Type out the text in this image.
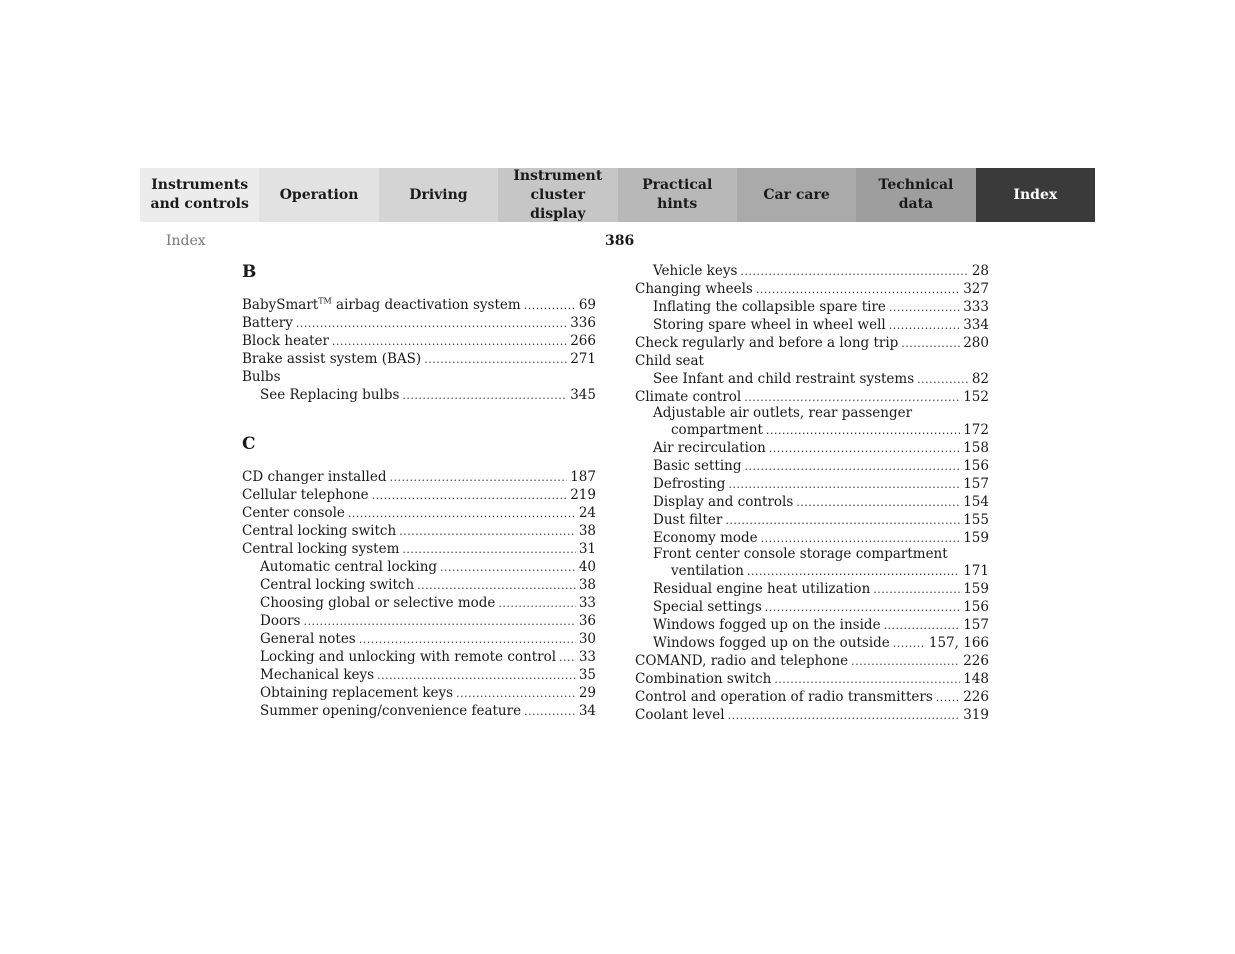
Instruments
and controls
Operation	Driving
Instrument
cluster display
Practical hints
Car care
Technical
data
Index
Index	386
B
BabySmart™ airbag deactivation system .....	69
Battery .....	336
Block heater .....	266
Brake assist system (BAS) .....	271
Bulbs
See Replacing bulbs .....	345
C
CD changer installed .....	187
Cellular telephone .....	219
Center console .....	24
Central locking switch .....	38
Central locking system .....	31
Automatic central locking .....	40
Central locking switch .....	38
Choosing global or selective mode .....	33
Doors .....	36
General notes .....	30
Locking and unlocking with remote control ..... 33
Mechanical keys .....	35
Obtaining replacement keys .....	29
Summer opening/convenience feature .....	34
Vehicle keys .....	28
Changing wheels .....	327
Inflating the collapsible spare tire .....	333
Storing spare wheel in wheel well .....	334
Check regularly and before a long trip .....	280
Child seat
See Infant and child restraint systems .....	82
Climate control .....	152
Adjustable air outlets, rear passenger
compartment .....	172
Air recirculation .....	158
Basic setting .....	156
Defrosting .....	157
Display and controls .....	154
Dust filter .....	155
Economy mode .....	159
Front center console storage compartment
ventilation .....	171
Residual engine heat utilization .....	159
Special settings .....	156
Windows fogged up on the inside .....	157
Windows fogged up on the outside .....	157, 166
COMAND, radio and telephone .....	226
Combination switch .....	148
Control and operation of radio transmitters ..... 226
Coolant level .....	319
